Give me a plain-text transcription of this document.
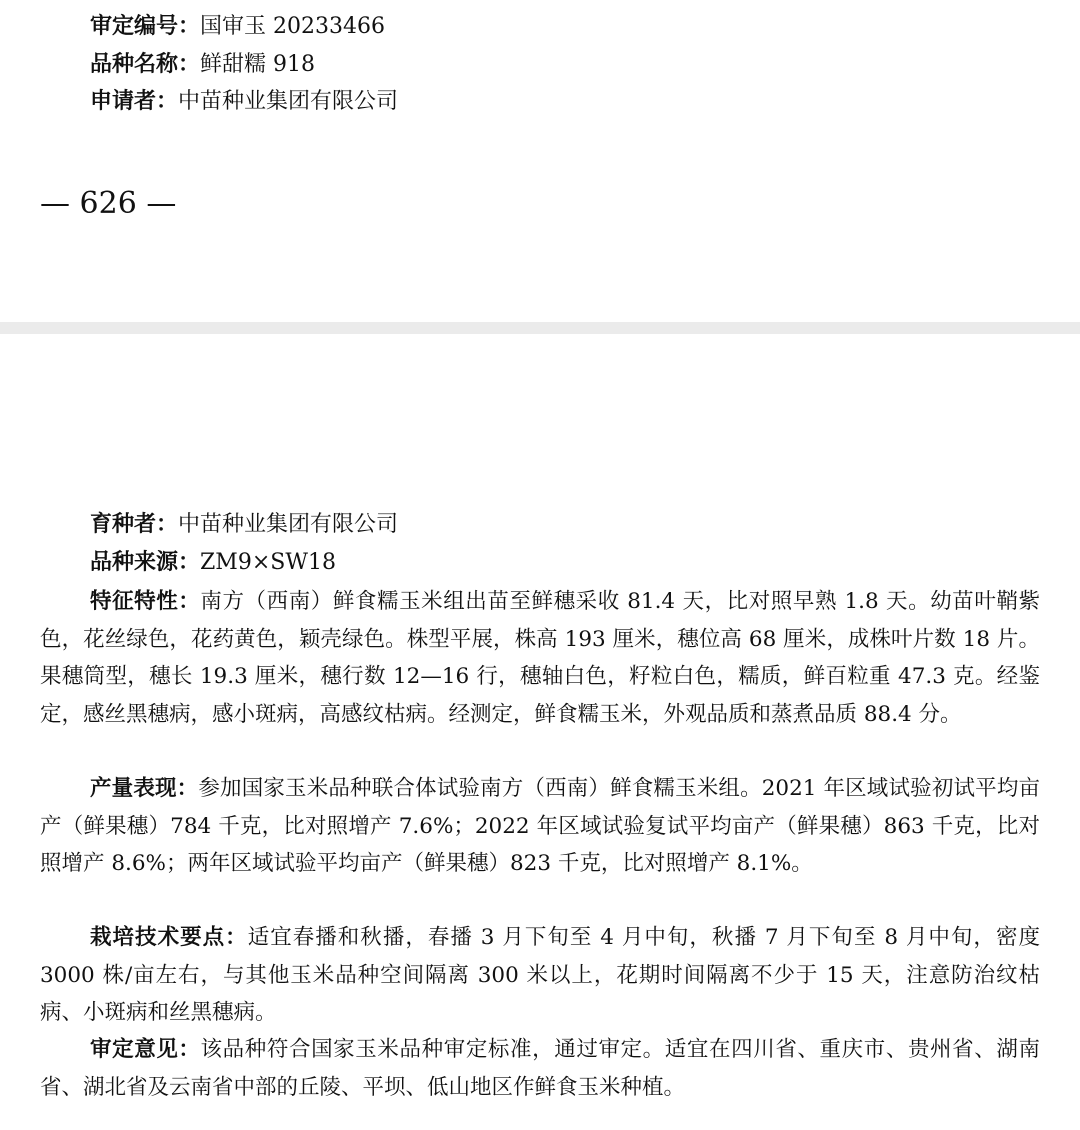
审定编号：国审玉 20233466
品种名称：鲜甜糯 918
申请者：中苗种业集团有限公司
— 626 —
育种者：中苗种业集团有限公司
品种来源：ZM9×SW18

特征特性：南方（西南）鲜食糯玉米组出苗至鲜穗采收 81.4 天，比对照早熟 1.8 天。幼苗叶鞘紫色，花丝绿色，花药黄色，颖壳绿色。株型平展，株高 193 厘米，穗位高 68 厘米，成株叶片数 18 片。果穗筒型，穗长 19.3 厘米，穗行数 12—16 行，穗轴白色，籽粒白色，糯质，鲜百粒重 47.3 克。经鉴定，感丝黑穗病，感小斑病，高感纹枯病。经测定，鲜食糯玉米，外观品质和蒸煮品质 88.4 分。

产量表现：参加国家玉米品种联合体试验南方（西南）鲜食糯玉米组。2021 年区域试验初试平均亩产（鲜果穗）784 千克，比对照增产 7.6%；2022 年区域试验复试平均亩产（鲜果穗）863 千克，比对照增产 8.6%；两年区域试验平均亩产（鲜果穗）823 千克，比对照增产 8.1%。

栽培技术要点：适宜春播和秋播，春播 3 月下旬至 4 月中旬，秋播 7 月下旬至 8 月中旬，密度 3000 株/亩左右，与其他玉米品种空间隔离 300 米以上，花期时间隔离不少于 15 天，注意防治纹枯病、小斑病和丝黑穗病。

审定意见：该品种符合国家玉米品种审定标准，通过审定。适宜在四川省、重庆市、贵州省、湖南省、湖北省及云南省中部的丘陵、平坝、低山地区作鲜食玉米种植。
